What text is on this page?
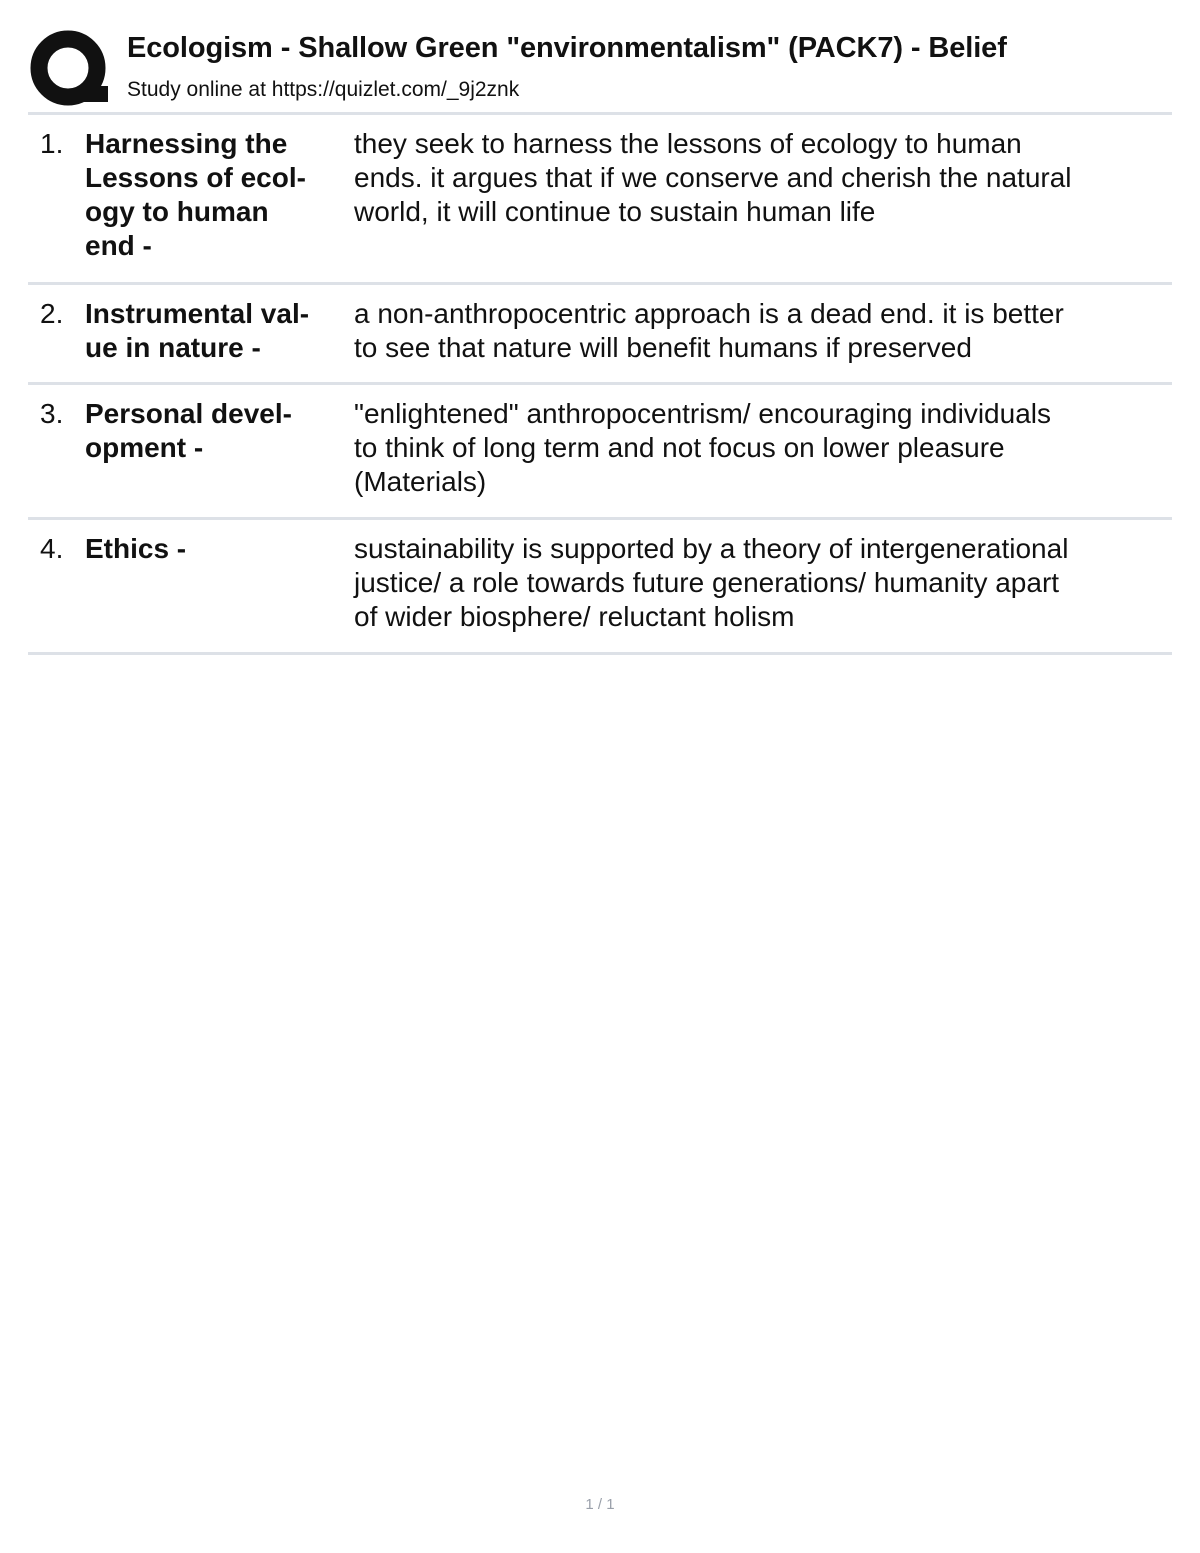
Ecologism - Shallow Green "environmentalism" (PACK7) - Belief
Study online at https://quizlet.com/_9j2znk
1. Harnessing the
Lessons of ecol-
ogy to human
end -
they seek to harness the lessons of ecology to human
ends. it argues that if we conserve and cherish the natural
world, it will continue to sustain human life
2. Instrumental val-
ue in nature -
a non-anthropocentric approach is a dead end. it is better
to see that nature will benefit humans if preserved
3. Personal devel-
opment -
"enlightened" anthropocentrism/ encouraging individuals
to think of long term and not focus on lower pleasure
(Materials)
4. Ethics -	sustainability is supported by a theory of intergenerational
justice/ a role towards future generations/ humanity apart
of wider biosphere/ reluctant holism
1 / 1
